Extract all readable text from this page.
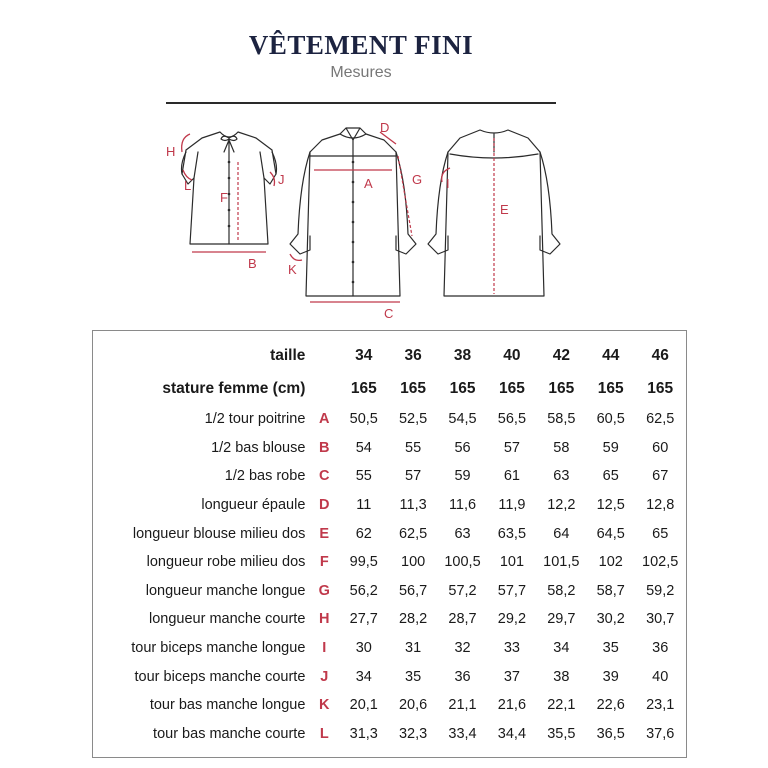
VÊTEMENT FINI
Mesures
H
L
F
J
B
A
C
D
G
K
E
I
taille		34	36	38	40	42	44	46
stature femme (cm)		165	165	165	165	165	165	165
1/2 tour poitrine	A	50,5	52,5	54,5	56,5	58,5	60,5	62,5
1/2 bas blouse	B	54	55	56	57	58	59	60
1/2 bas robe	C	55	57	59	61	63	65	67
longueur épaule	D	11	11,3	11,6	11,9	12,2	12,5	12,8
longueur blouse milieu dos	E	62	62,5	63	63,5	64	64,5	65
longueur robe milieu dos	F	99,5	100	100,5	101	101,5	102	102,5
longueur manche longue	G	56,2	56,7	57,2	57,7	58,2	58,7	59,2
longueur manche courte	H	27,7	28,2	28,7	29,2	29,7	30,2	30,7
tour biceps manche longue	I	30	31	32	33	34	35	36
tour biceps manche courte	J	34	35	36	37	38	39	40
tour bas manche longue	K	20,1	20,6	21,1	21,6	22,1	22,6	23,1
tour bas manche courte	L	31,3	32,3	33,4	34,4	35,5	36,5	37,6
